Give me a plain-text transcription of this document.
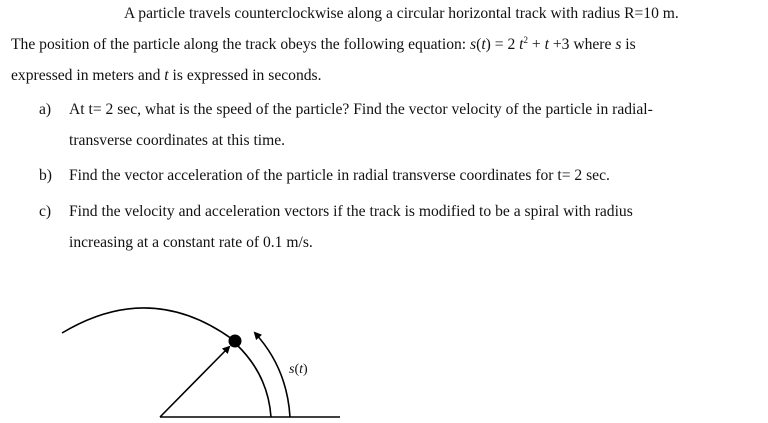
A particle travels counterclockwise along a circular horizontal track with radius R=10 m.
The position of the particle along the track obeys the following equation: s(t) = 2 $t^2 + t +3$ where s is
expressed in meters and t is expressed in seconds.
a) At t= 2 sec, what is the speed of the particle? Find the vector velocity of the particle in radial-
transverse coordinates at this time.
b) Find the vector acceleration of the particle in radial transverse coordinates for t= 2 sec.
c) Find the velocity and acceleration vectors if the track is modified to be a spiral with radius
increasing at a constant rate of 0.1 m/s.
s(t)
